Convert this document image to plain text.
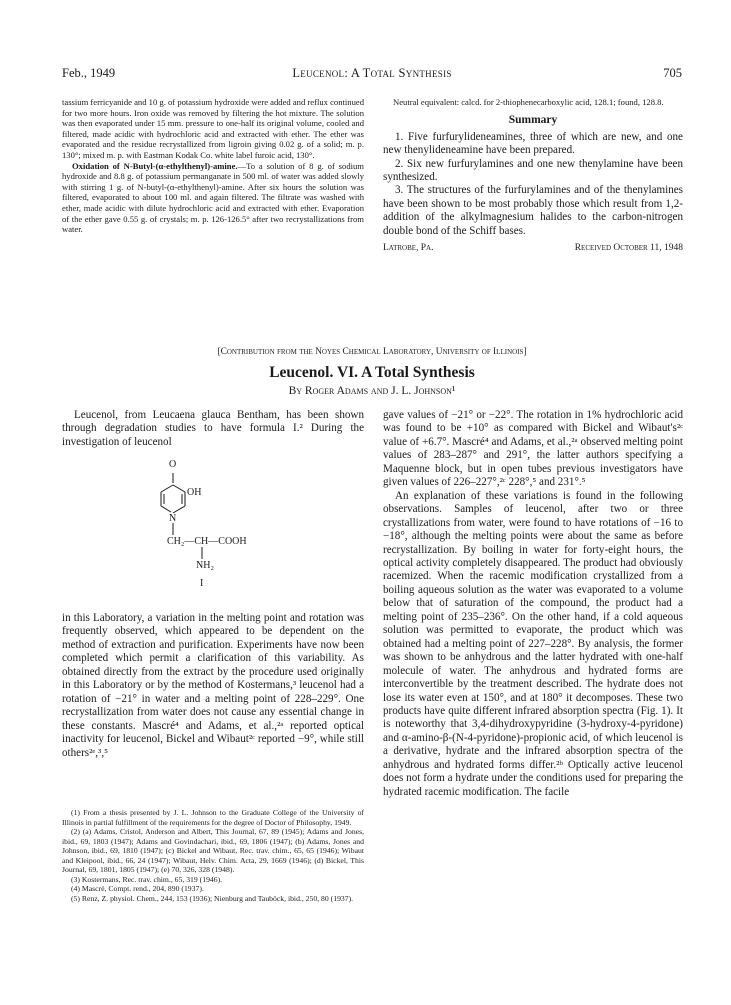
Feb., 1949	Leucenol: A Total Synthesis	705

tassium ferricyanide and 10 g. of potassium hydroxide were added and reflux continued for two more hours. Iron oxide was removed by filtering the hot mixture. The solution was then evaporated under 15 mm. pressure to one-half its original volume, cooled and filtered, made acidic with hydrochloric acid and extracted with ether. The ether was evaporated and the residue recrystallized from ligroin giving 0.02 g. of a solid; m. p. 130°; mixed m. p. with Eastman Kodak Co. white label furoic acid, 130°.

Oxidation of N-Butyl-(α-ethylthenyl)-amine.—To a solution of 8 g. of sodium hydroxide and 8.8 g. of potassium permanganate in 500 ml. of water was added slowly with stirring 1 g. of N-butyl-(α-ethylthenyl)-amine. After six hours the solution was filtered, evaporated to about 100 ml. and again filtered. The filtrate was washed with ether, made acidic with dilute hydrochloric acid and extracted with ether. Evaporation of the ether gave 0.55 g. of crystals; m. p. 126-126.5° after two recrystallizations from water.

Neutral equivalent: calcd. for 2-thiophenecarboxylic acid, 128.1; found, 128.8.

Summary

1. Five furfurylideneamines, three of which are new, and one new thenylideneamine have been prepared.

2. Six new furfurylamines and one new thenylamine have been synthesized.

3. The structures of the furfurylamines and of the thenylamines have been shown to be most probably those which result from 1,2-addition of the alkylmagnesium halides to the carbon-nitrogen double bond of the Schiff bases.

Latrobe, Pa.	Received October 11, 1948
[Contribution from the Noyes Chemical Laboratory, University of Illinois]
Leucenol. VI. A Total Synthesis
By Roger Adams and J. L. Johnson¹

Leucenol, from Leucaena glauca Bentham, has been shown through degradation studies to have formula I.² During the investigation of leucenol

O
OH
N
CH₂—CH—COOH
NH₂
I

in this Laboratory, a variation in the melting point and rotation was frequently observed, which appeared to be dependent on the method of extraction and purification. Experiments have now been completed which permit a clarification of this variability. As obtained directly from the extract by the procedure used originally in this Laboratory or by the method of Kostermans,³ leucenol had a rotation of −21° in water and a melting point of 228–229°. One recrystallization from water does not cause any essential change in these constants. Mascré⁴ and Adams, et al.,²ᵃ reported optical inactivity for leucenol, Bickel and Wibaut²ᶜ reported −9°, while still others²ᵉ,³,⁵

(1) From a thesis presented by J. L. Johnson to the Graduate College of the University of Illinois in partial fulfillment of the requirements for the degree of Doctor of Philosophy, 1949.

(2) (a) Adams, Cristol, Anderson and Albert, This Journal, 67, 89 (1945); Adams and Jones, ibid., 69, 1803 (1947); Adams and Govindachari, ibid., 69, 1806 (1947); (b) Adams, Jones and Johnson, ibid., 69, 1810 (1947); (c) Bickel and Wibaut, Rec. trav. chim., 65, 65 (1946); Wibaut and Kleipool, ibid., 66, 24 (1947); Wibaut, Helv. Chim. Acta, 29, 1669 (1946); (d) Bickel, This Journal, 69, 1801, 1805 (1947); (e) 70, 326, 328 (1948).

(3) Kostermans, Rec. trav. chim., 65, 319 (1946).

(4) Mascré, Compt. rend., 204, 890 (1937).

(5) Renz, Z. physiol. Chem., 244, 153 (1936); Nienburg and Tauböck, ibid., 250, 80 (1937).

gave values of −21° or −22°. The rotation in 1% hydrochloric acid was found to be +10° as compared with Bickel and Wibaut's²ᶜ value of +6.7°. Mascré⁴ and Adams, et al.,²ᵃ observed melting point values of 283–287° and 291°, the latter authors specifying a Maquenne block, but in open tubes previous investigators have given values of 226–227°,²ᶜ 228°,⁵ and 231°.⁵

An explanation of these variations is found in the following observations. Samples of leucenol, after two or three crystallizations from water, were found to have rotations of −16 to −18°, although the melting points were about the same as before recrystallization. By boiling in water for forty-eight hours, the optical activity completely disappeared. The product had obviously racemized. When the racemic modification crystallized from a boiling aqueous solution as the water was evaporated to a volume below that of saturation of the compound, the product had a melting point of 235–236°. On the other hand, if a cold aqueous solution was permitted to evaporate, the product which was obtained had a melting point of 227–228°. By analysis, the former was shown to be anhydrous and the latter hydrated with one-half molecule of water. The anhydrous and hydrated forms are interconvertible by the treatment described. The hydrate does not lose its water even at 150°, and at 180° it decomposes. These two products have quite different infrared absorption spectra (Fig. 1). It is noteworthy that 3,4-dihydroxypyridine (3-hydroxy-4-pyridone) and α-amino-β-(N-4-pyridone)-propionic acid, of which leucenol is a derivative, hydrate and the infrared absorption spectra of the anhydrous and hydrated forms differ.²ᵇ Optically active leucenol does not form a hydrate under the conditions used for preparing the hydrated racemic modification. The facile
